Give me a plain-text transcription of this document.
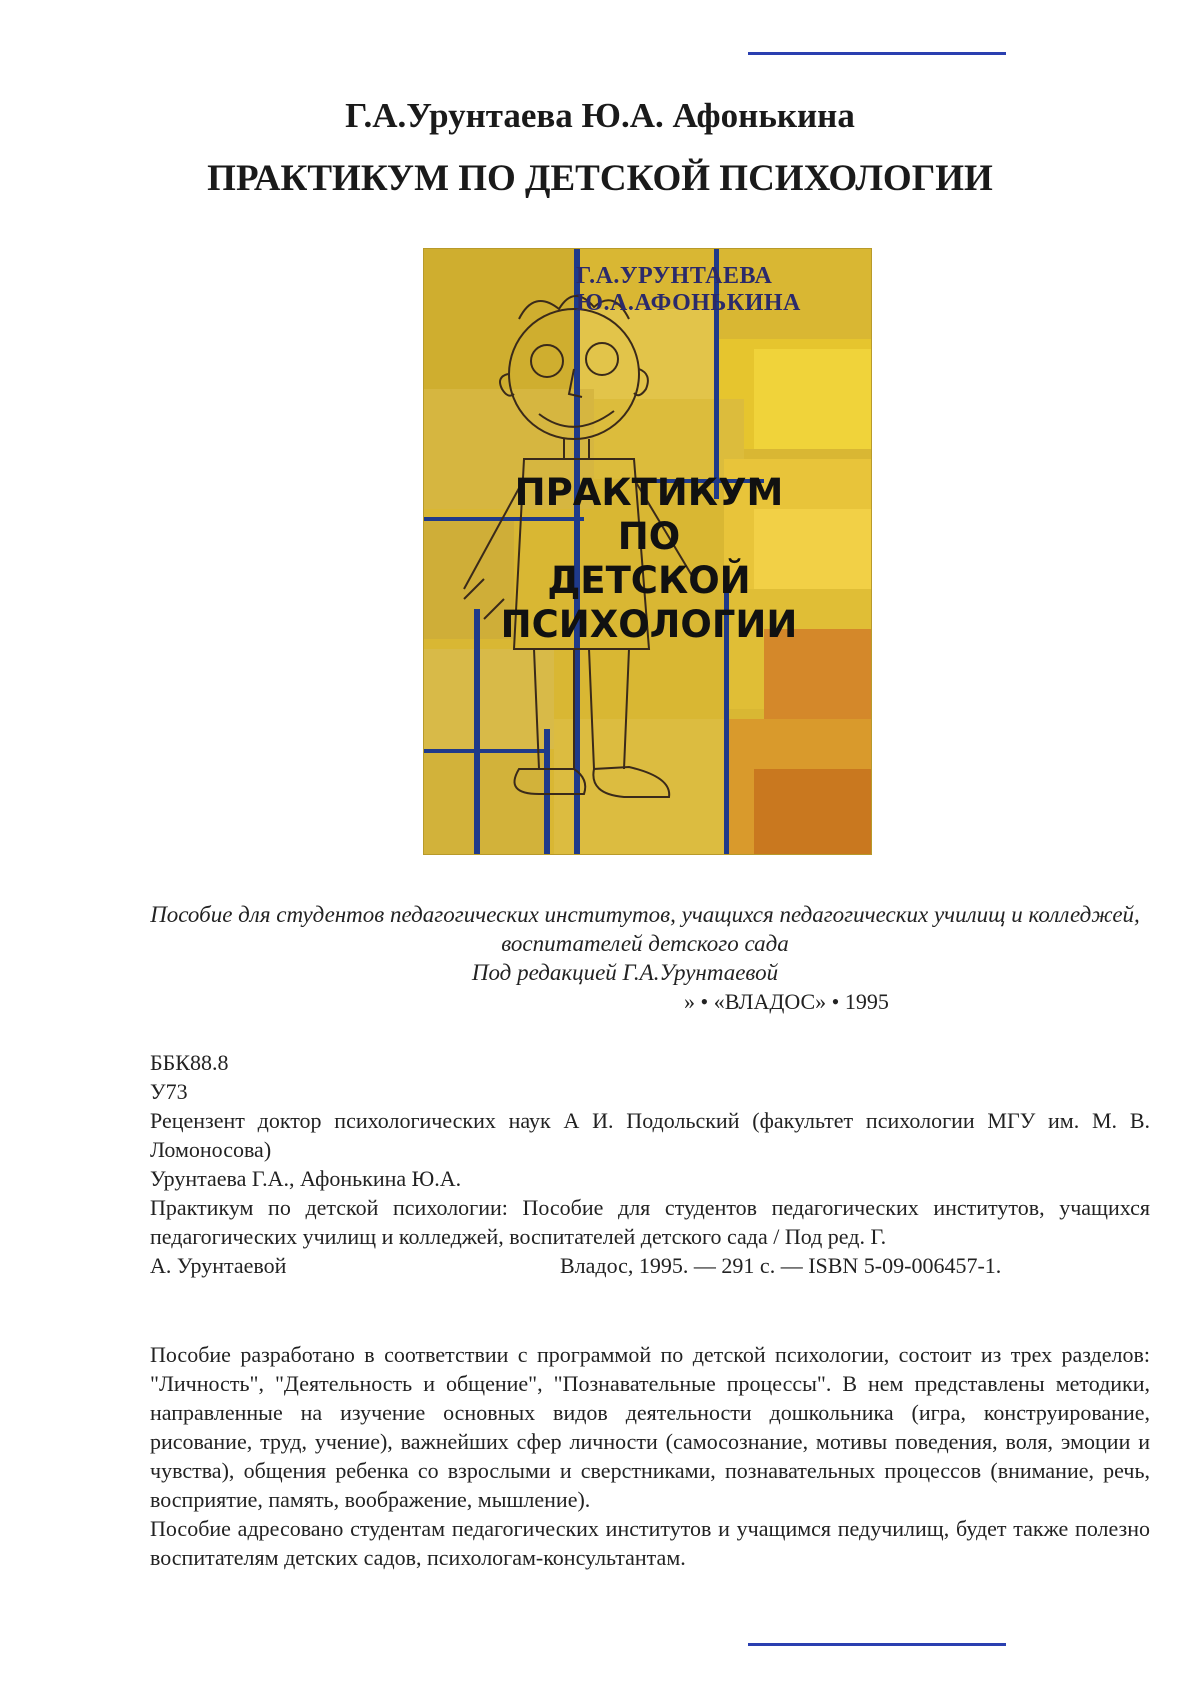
Г.А.Урунтаева Ю.А. Афонькина
ПРАКТИКУМ ПО ДЕТСКОЙ ПСИХОЛОГИИ
Г.А.УРУНТАЕВА
Ю.А.АФОНЬКИНА
ПРАКТИКУМ
ПО
ДЕТСКОЙ
ПСИХОЛОГИИ
Пособие для студентов педагогических институтов, учащихся педагогических училищ и колледжей, воспитателей детского сада
Под редакцией Г.А.Урунтаевой
» • «ВЛАДОС» • 1995
ББК88.8
У73
Рецензент доктор психологических наук А И. Подольский (факультет психологии МГУ им. М. В. Ломоносова)
Урунтаева Г.А., Афонькина Ю.А.
Практикум по детской психологии: Пособие для студентов педагогических институтов, учащихся педагогических училищ и колледжей, воспитателей детского сада / Под ред. Г.
А. Урунтаевой	Владос, 1995. — 291 с. — ISBN 5-09-006457-1.

Пособие разработано в соответствии с программой по детской психологии, состоит из трех разделов: "Личность", "Деятельность и общение", "Познавательные процессы". В нем представлены методики, направленные на изучение основных видов деятельности дошкольника (игра, конструирование, рисование, труд, учение), важнейших сфер личности (самосознание, мотивы поведения, воля, эмоции и чувства), общения ребенка со взрослыми и сверстниками, познавательных процессов (внимание, речь, восприятие, память, воображение, мышление).

Пособие адресовано студентам педагогических институтов и учащимся педучилищ, будет также полезно воспитателям детских садов, психологам-консультантам.
